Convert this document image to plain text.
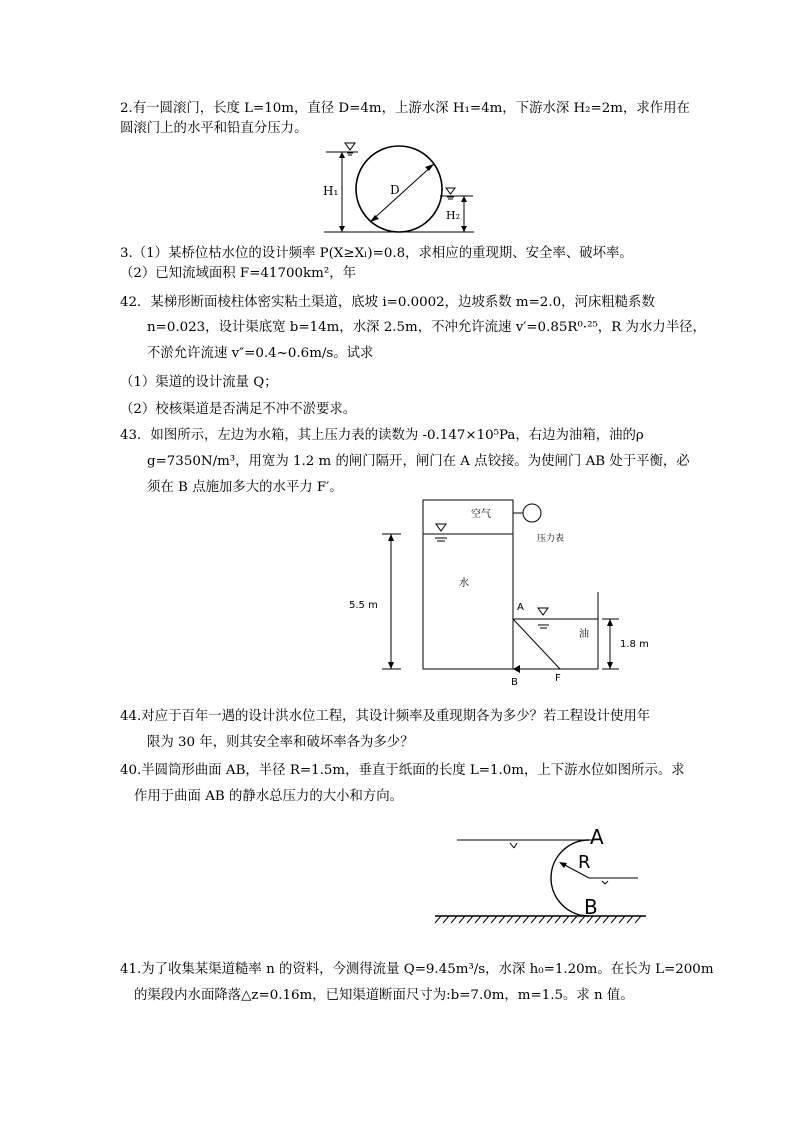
2.有一圆滚门，长度 L=10m，直径 D=4m，上游水深 H₁=4m，下游水深 H₂=2m，求作用在
圆滚门上的水平和铅直分压力。
H₁	D
H₂
3.（1）某桥位枯水位的设计频率 P(X≥Xₗ)=0.8，求相应的重现期、安全率、破坏率。
（2）已知流域面积 F=41700km²，年
42．某梯形断面棱柱体密实粘土渠道，底坡 i=0.0002，边坡系数 m=2.0，河床粗糙系数
n=0.023，设计渠底宽 b=14m，水深 2.5m，不冲允许流速 v′=0.85R⁰·²⁵，R 为水力半径，
不淤允许流速 v″=0.4~0.6m/s。试求
（1）渠道的设计流量 Q；
（2）校核渠道是否满足不冲不淤要求。
43．如图所示，左边为水箱，其上压力表的读数为 -0.147×10⁵Pa，右边为油箱，油的ρ
g=7350N/m³，用宽为 1.2 m 的闸门隔开，闸门在 A 点铰接。为使闸门 AB 处于平衡，必
须在 B 点施加多大的水平力 F′。
空气
压力表
水
5.5 m	A
油
B	F
1.8 m
44.对应于百年一遇的设计洪水位工程，其设计频率及重现期各为多少？若工程设计使用年
限为 30 年，则其安全率和破坏率各为多少？
40.半圆筒形曲面 AB，半径 R=1.5m，垂直于纸面的长度 L=1.0m，上下游水位如图所示。求
作用于曲面 AB 的静水总压力的大小和方向。
A
R
B
41.为了收集某渠道糙率 n 的资料，今测得流量 Q=9.45m³/s，水深 h₀=1.20m。在长为 L=200m
的渠段内水面降落△z=0.16m，已知渠道断面尺寸为:b=7.0m，m=1.5。求 n 值。
